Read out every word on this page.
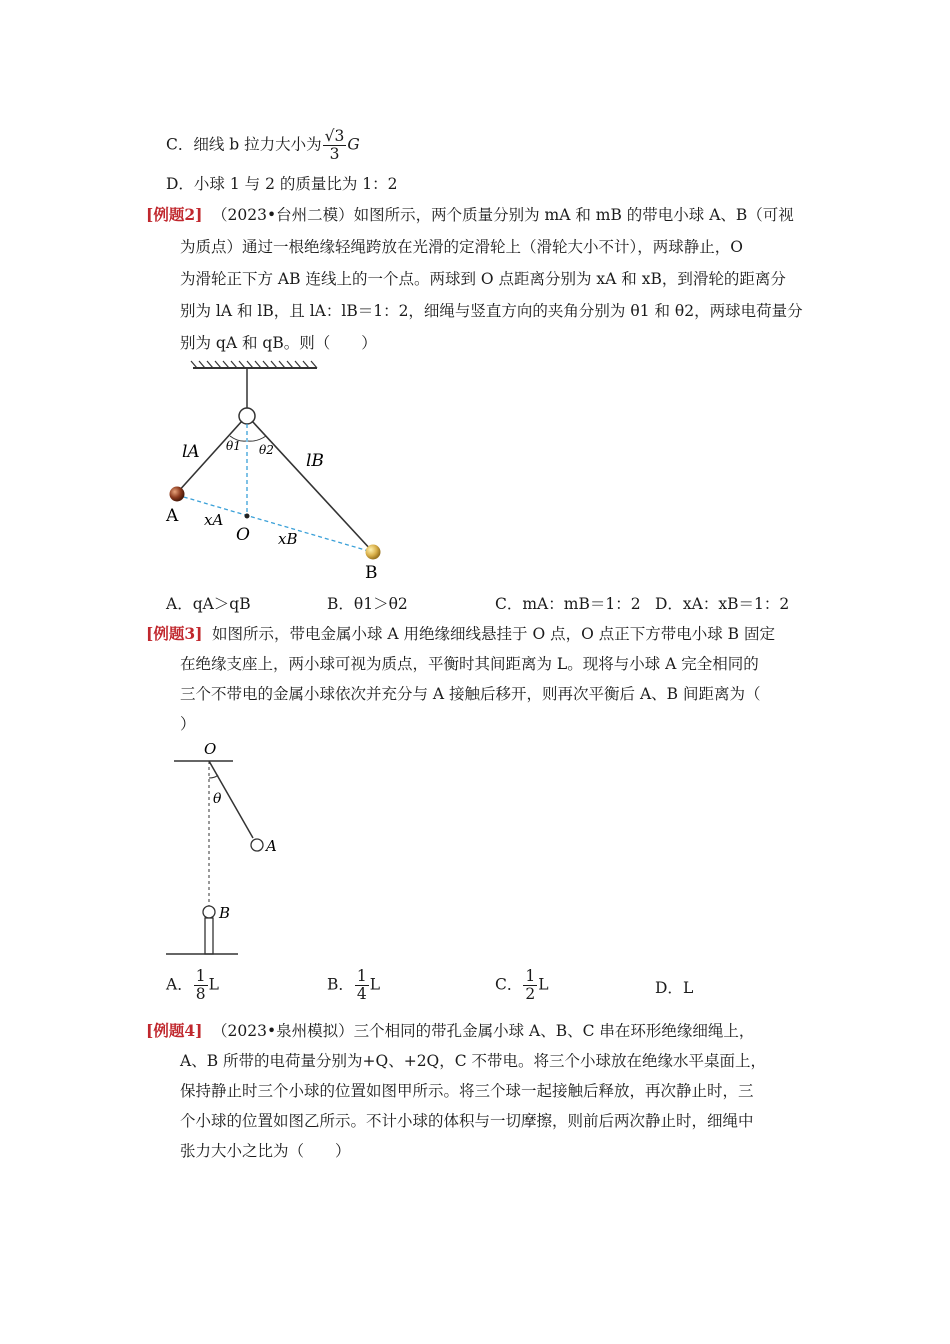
C．细线 b 拉力大小为 $\frac{√3}{3}$ G
D．小球 1 与 2 的质量比为 1：2
[例题2] （2023•台州二模）如图所示，两个质量分别为 mA 和 mB 的带电小球 A、B（可视
为质点）通过一根绝缘轻绳跨放在光滑的定滑轮上（滑轮大小不计），两球静止，O
为滑轮正下方 AB 连线上的一个点。两球到 O 点距离分别为 xA 和 xB，到滑轮的距离分
别为 lA 和 lB，且 lA：lB＝1：2，细绳与竖直方向的夹角分别为 θ1 和 θ2，两球电荷量分
别为 qA 和 qB。则（　　）
lA θ1 θ2
lB
A xA
O xB
B
A．qA＞qB	B．θ1＞θ2	C．mA：mB＝1：2 D．xA：xB＝1：2
[例题3] 如图所示，带电金属小球 A 用绝缘细线悬挂于 O 点，O 点正下方带电小球 B 固定
在绝缘支座上，两小球可视为质点，平衡时其间距离为 L。现将与小球 A 完全相同的
三个不带电的金属小球依次并充分与 A 接触后移开，则再次平衡后 A、B 间距离为（
）
O
θ
A
B
A． $\frac{1}{8}$ L	B． $\frac{1}{4}$ L	C． $\frac{1}{2}$ L	D．L
[例题4] （2023•泉州模拟）三个相同的带孔金属小球 A、B、C 串在环形绝缘细绳上，
A、B 所带的电荷量分别为+Q、+2Q，C 不带电。将三个小球放在绝缘水平桌面上，
保持静止时三个小球的位置如图甲所示。将三个球一起接触后释放，再次静止时，三
个小球的位置如图乙所示。不计小球的体积与一切摩擦，则前后两次静止时，细绳中
张力大小之比为（　　）
